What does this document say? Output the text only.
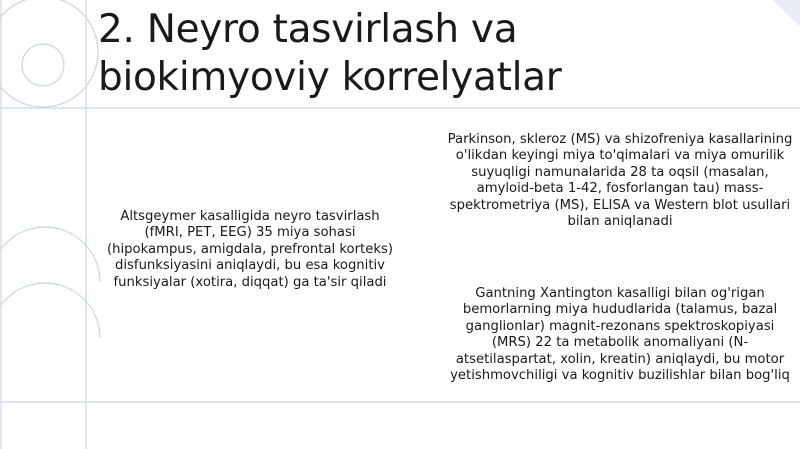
2. Neyro tasvirlash va biokimyoviy korrelyatlar

Altsgeymer kasalligida neyro tasvirlash (fMRI, PET, EEG) 35 miya sohasi (hipokampus, amigdala, prefrontal korteks) disfunksiyasini aniqlaydi, bu esa kognitiv funksiyalar (xotira, diqqat) ga ta'sir qiladi

Parkinson, skleroz (MS) va shizofreniya kasallarining o'likdan keyingi miya to'qimalari va miya omurilik suyuqligi namunalarida 28 ta oqsil (masalan, amyloid-beta 1-42, fosforlangan tau) mass-spektrometriya (MS), ELISA va Western blot usullari bilan aniqlanadi

Gantning Xantington kasalligi bilan og'rigan bemorlarning miya hududlarida (talamus, bazal ganglionlar) magnit-rezonans spektroskopiyasi (MRS) 22 ta metabolik anomaliyani (N-atsetilaspartat, xolin, kreatin) aniqlaydi, bu motor yetishmovchiligi va kognitiv buzilishlar bilan bog'liq
